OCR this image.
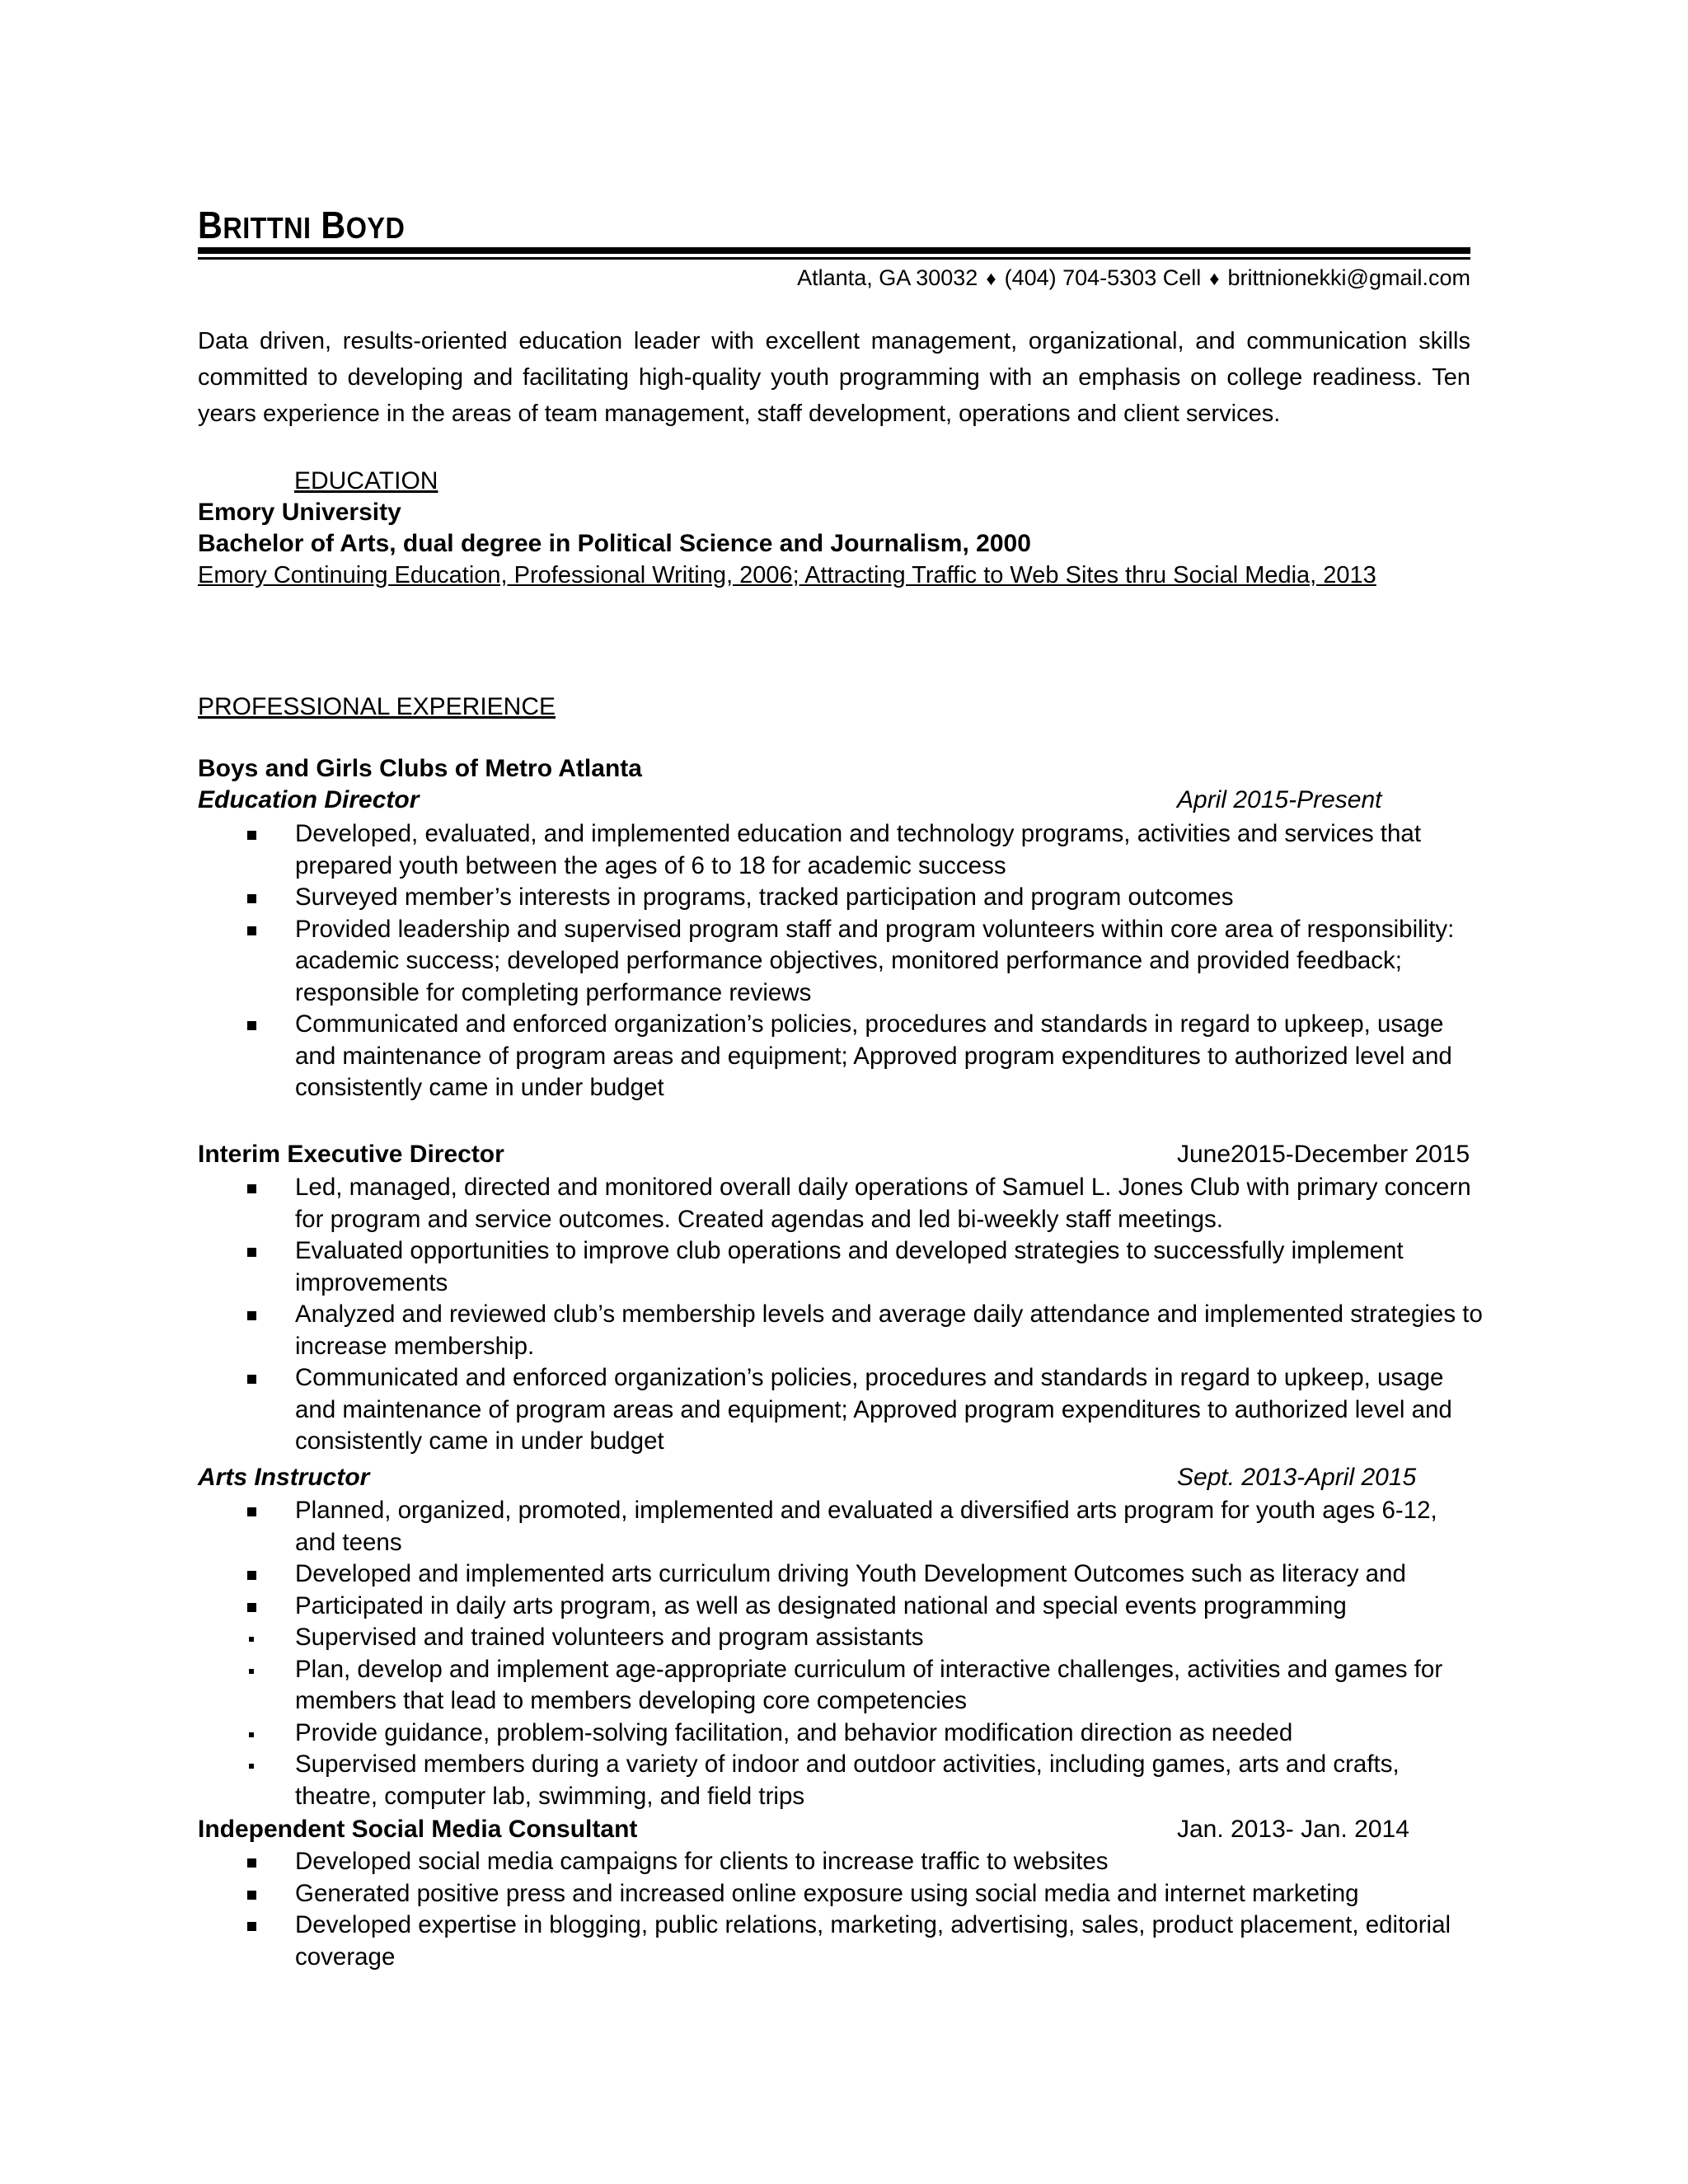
BRITTNI BOYD
Atlanta, GA 30032 ♦ (404) 704-5303 Cell ♦ brittnionekki@gmail.com
Data driven, results-oriented education leader with excellent management, organizational, and communication skills committed to developing and facilitating high-quality youth programming with an emphasis on college readiness. Ten years experience in the areas of team management, staff development, operations and client services.
EDUCATION
Emory University
Bachelor of Arts, dual degree in Political Science and Journalism, 2000
Emory Continuing Education, Professional Writing, 2006; Attracting Traffic to Web Sites thru Social Media, 2013
PROFESSIONAL EXPERIENCE
Boys and Girls Clubs of Metro Atlanta
Education Director	April 2015-Present
Developed, evaluated, and implemented education and technology programs, activities and services that prepared youth between the ages of 6 to 18 for academic success
Surveyed member’s interests in programs, tracked participation and program outcomes
Provided leadership and supervised program staff and program volunteers within core area of responsibility: academic success; developed performance objectives, monitored performance and provided feedback; responsible for completing performance reviews
Communicated and enforced organization’s policies, procedures and standards in regard to upkeep, usage and maintenance of program areas and equipment; Approved program expenditures to authorized level and consistently came in under budget
Interim Executive Director	June2015-December 2015
Led, managed, directed and monitored overall daily operations of Samuel L. Jones Club with primary concern for program and service outcomes. Created agendas and led bi-weekly staff meetings.
Evaluated opportunities to improve club operations and developed strategies to successfully implement improvements
Analyzed and reviewed club’s membership levels and average daily attendance and implemented strategies to increase membership.
Communicated and enforced organization’s policies, procedures and standards in regard to upkeep, usage and maintenance of program areas and equipment; Approved program expenditures to authorized level and consistently came in under budget
Arts Instructor	Sept. 2013-April 2015
Planned, organized, promoted, implemented and evaluated a diversified arts program for youth ages 6-12, and teens
Developed and implemented arts curriculum driving Youth Development Outcomes such as literacy and
Participated in daily arts program, as well as designated national and special events programming
Supervised and trained volunteers and program assistants
Plan, develop and implement age-appropriate curriculum of interactive challenges, activities and games for members that lead to members developing core competencies
Provide guidance, problem-solving facilitation, and behavior modification direction as needed
Supervised members during a variety of indoor and outdoor activities, including games, arts and crafts, theatre, computer lab, swimming, and field trips
Independent Social Media Consultant	Jan. 2013- Jan. 2014
Developed social media campaigns for clients to increase traffic to websites
Generated positive press and increased online exposure using social media and internet marketing
Developed expertise in blogging, public relations, marketing, advertising, sales, product placement, editorial coverage
